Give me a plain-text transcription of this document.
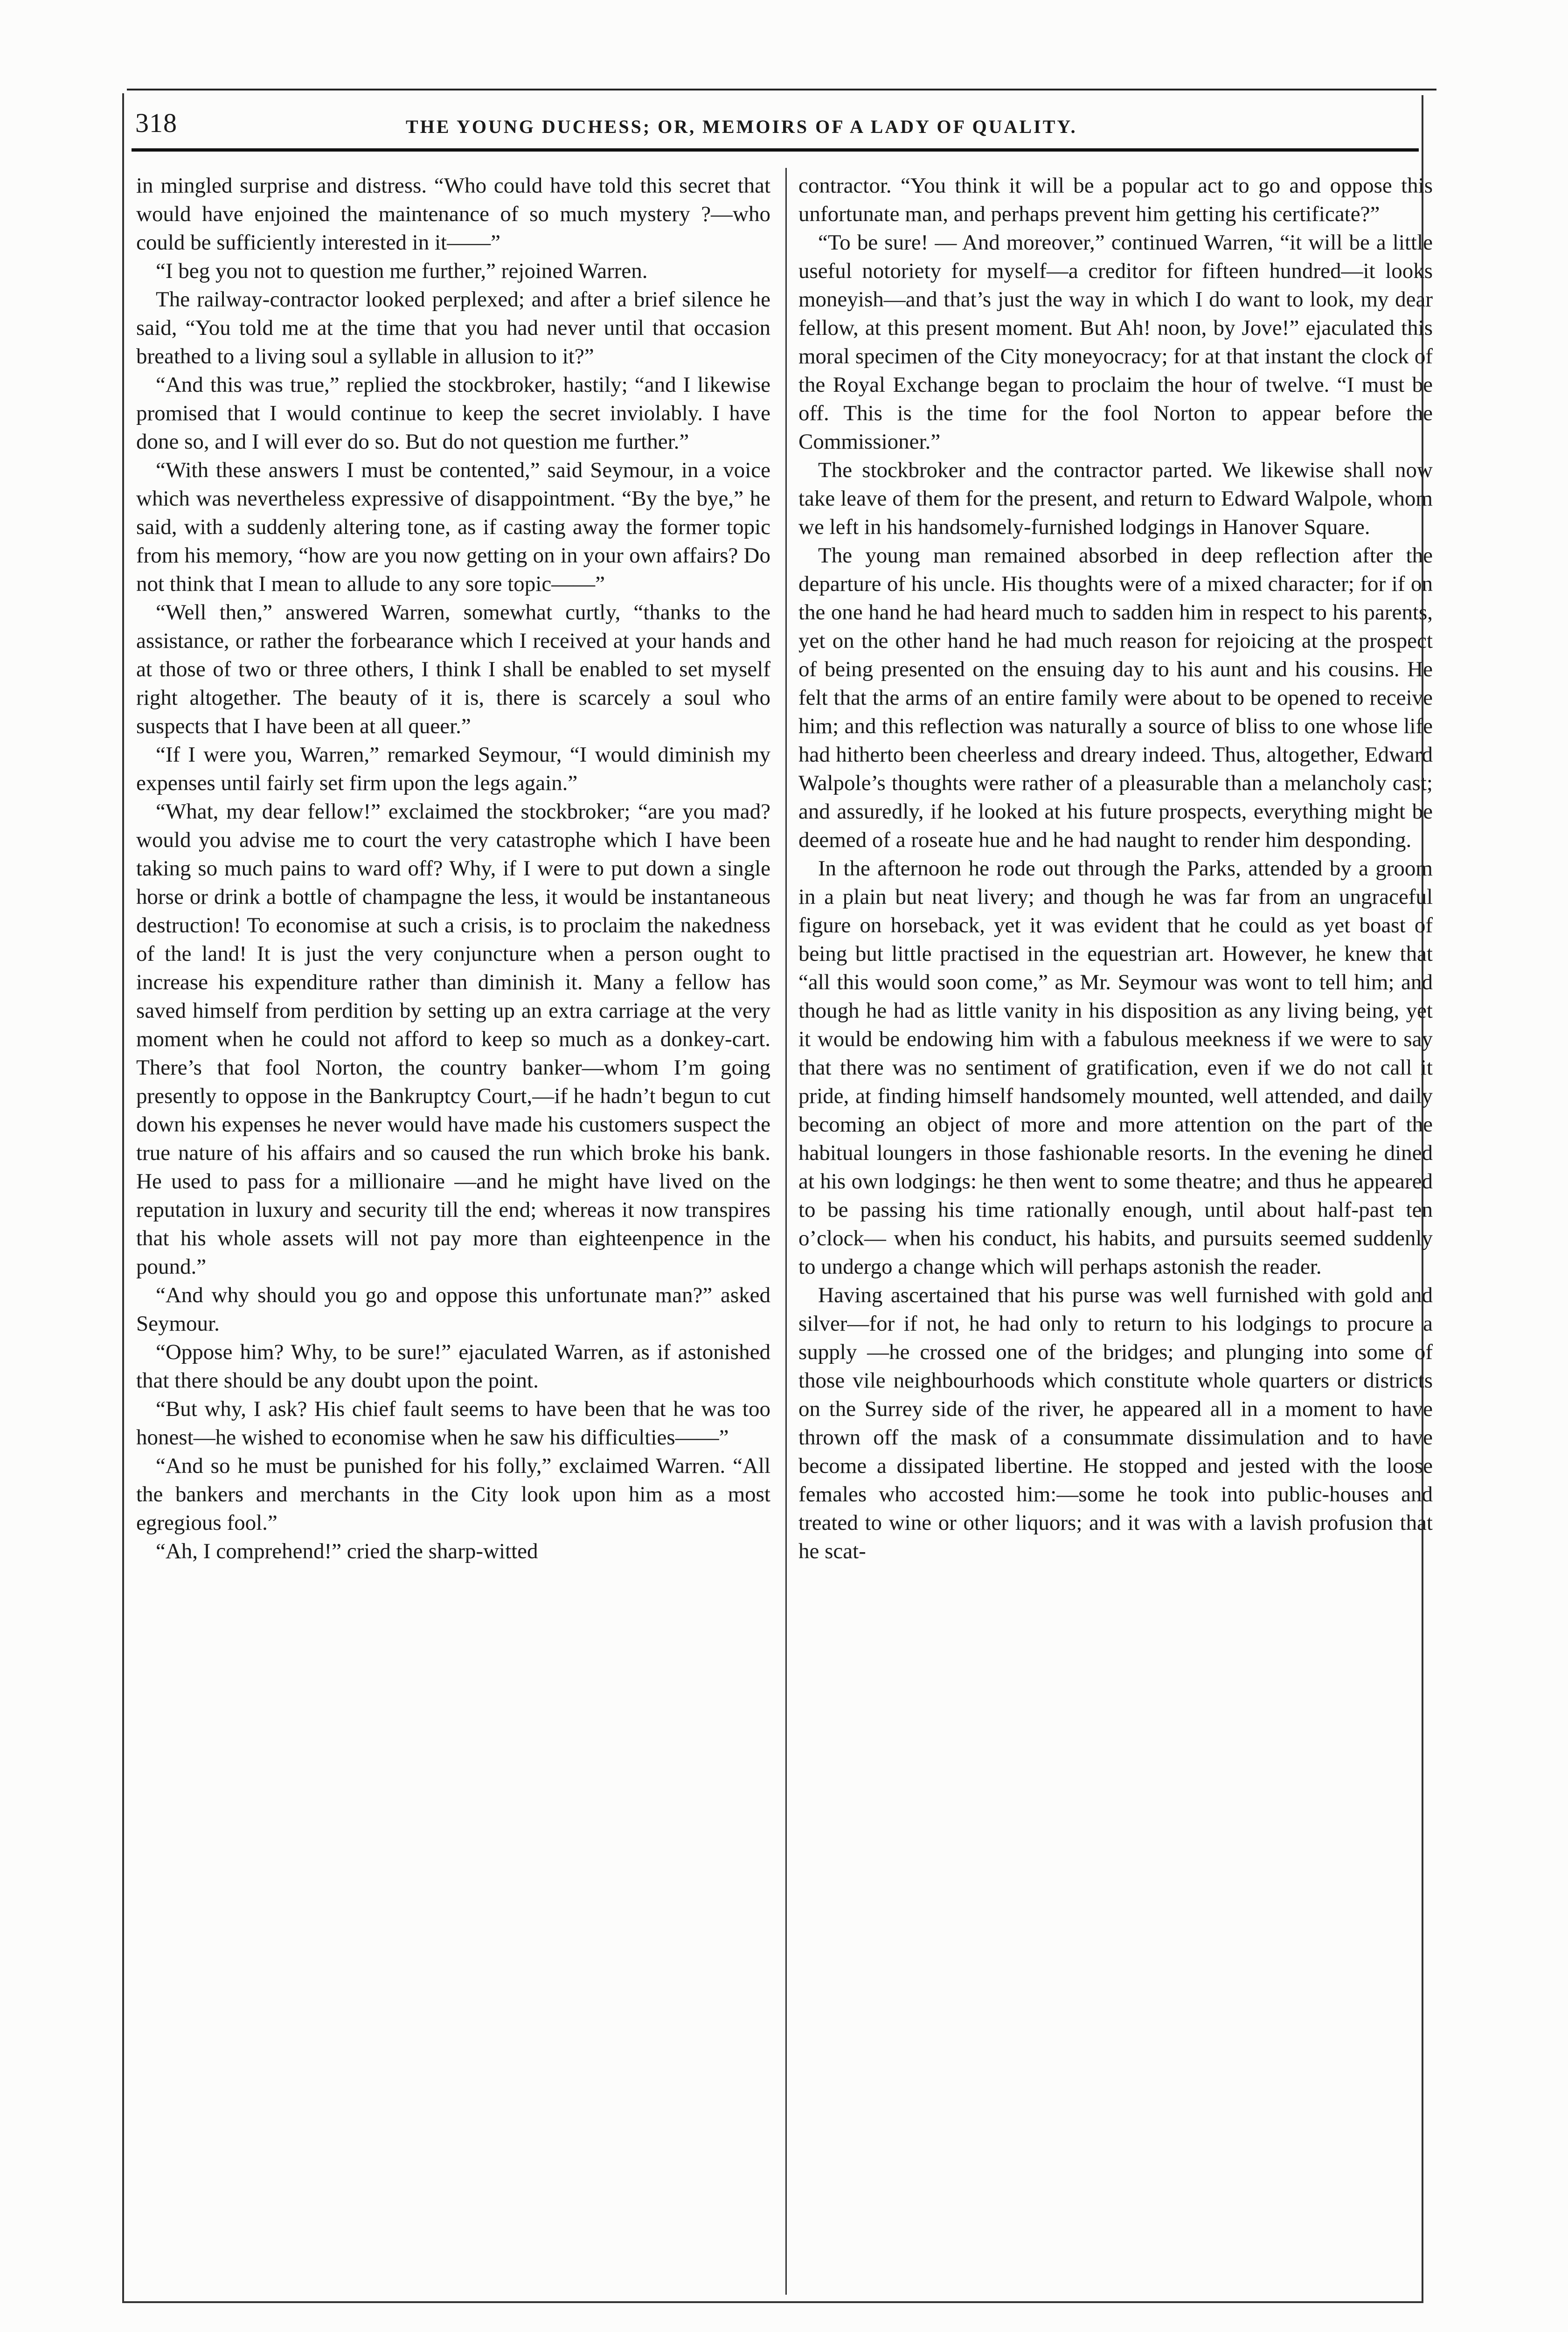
318	THE YOUNG DUCHESS; OR, MEMOIRS OF A LADY OF QUALITY.

in mingled surprise and distress. “Who could have told this secret that would have enjoined the maintenance of so much mystery ?—who could be sufficiently interested in it——”

“I beg you not to question me further,” rejoined Warren.

The railway-contractor looked perplexed; and after a brief silence he said, “You told me at the time that you had never until that occasion breathed to a living soul a syllable in allusion to it?”

“And this was true,” replied the stockbroker, hastily; “and I likewise promised that I would continue to keep the secret inviolably. I have done so, and I will ever do so. But do not question me further.”

“With these answers I must be contented,” said Seymour, in a voice which was nevertheless expressive of disappointment. “By the bye,” he said, with a suddenly altering tone, as if casting away the former topic from his memory, “how are you now getting on in your own affairs? Do not think that I mean to allude to any sore topic——”

“Well then,” answered Warren, somewhat curtly, “thanks to the assistance, or rather the forbearance which I received at your hands and at those of two or three others, I think I shall be enabled to set myself right altogether. The beauty of it is, there is scarcely a soul who suspects that I have been at all queer.”

“If I were you, Warren,” remarked Seymour, “I would diminish my expenses until fairly set firm upon the legs again.”

“What, my dear fellow!” exclaimed the stockbroker; “are you mad? would you advise me to court the very catastrophe which I have been taking so much pains to ward off? Why, if I were to put down a single horse or drink a bottle of champagne the less, it would be instantaneous destruction! To economise at such a crisis, is to proclaim the nakedness of the land! It is just the very conjuncture when a person ought to increase his expenditure rather than diminish it. Many a fellow has saved himself from perdition by setting up an extra carriage at the very moment when he could not afford to keep so much as a donkey-cart. There’s that fool Norton, the country banker—whom I’m going presently to oppose in the Bankruptcy Court,—if he hadn’t begun to cut down his expenses he never would have made his customers suspect the true nature of his affairs and so caused the run which broke his bank. He used to pass for a millionaire —and he might have lived on the reputation in luxury and security till the end; whereas it now transpires that his whole assets will not pay more than eighteenpence in the pound.”

“And why should you go and oppose this unfortunate man?” asked Seymour.

“Oppose him? Why, to be sure!” ejaculated Warren, as if astonished that there should be any doubt upon the point.

“But why, I ask? His chief fault seems to have been that he was too honest—he wished to economise when he saw his difficulties——”

“And so he must be punished for his folly,” exclaimed Warren. “All the bankers and merchants in the City look upon him as a most egregious fool.”

“Ah, I comprehend!” cried the sharp-witted

contractor. “You think it will be a popular act to go and oppose this unfortunate man, and perhaps prevent him getting his certificate?”

“To be sure! — And moreover,” continued Warren, “it will be a little useful notoriety for myself—a creditor for fifteen hundred—it looks moneyish—and that’s just the way in which I do want to look, my dear fellow, at this present moment. But Ah! noon, by Jove!” ejaculated this moral specimen of the City moneyocracy; for at that instant the clock of the Royal Exchange began to proclaim the hour of twelve. “I must be off. This is the time for the fool Norton to appear before the Commissioner.”

The stockbroker and the contractor parted. We likewise shall now take leave of them for the present, and return to Edward Walpole, whom we left in his handsomely-furnished lodgings in Hanover Square.

The young man remained absorbed in deep reflection after the departure of his uncle. His thoughts were of a mixed character; for if on the one hand he had heard much to sadden him in respect to his parents, yet on the other hand he had much reason for rejoicing at the prospect of being presented on the ensuing day to his aunt and his cousins. He felt that the arms of an entire family were about to be opened to receive him; and this reflection was naturally a source of bliss to one whose life had hitherto been cheerless and dreary indeed. Thus, altogether, Edward Walpole’s thoughts were rather of a pleasurable than a melancholy cast; and assuredly, if he looked at his future prospects, everything might be deemed of a roseate hue and he had naught to render him desponding.

In the afternoon he rode out through the Parks, attended by a groom in a plain but neat livery; and though he was far from an ungraceful figure on horseback, yet it was evident that he could as yet boast of being but little practised in the equestrian art. However, he knew that “all this would soon come,” as Mr. Seymour was wont to tell him; and though he had as little vanity in his disposition as any living being, yet it would be endowing him with a fabulous meekness if we were to say that there was no sentiment of gratification, even if we do not call it pride, at finding himself handsomely mounted, well attended, and daily becoming an object of more and more attention on the part of the habitual loungers in those fashionable resorts. In the evening he dined at his own lodgings: he then went to some theatre; and thus he appeared to be passing his time rationally enough, until about half-past ten o’clock— when his conduct, his habits, and pursuits seemed suddenly to undergo a change which will perhaps astonish the reader.

Having ascertained that his purse was well furnished with gold and silver—for if not, he had only to return to his lodgings to procure a supply —he crossed one of the bridges; and plunging into some of those vile neighbourhoods which constitute whole quarters or districts on the Surrey side of the river, he appeared all in a moment to have thrown off the mask of a consummate dissimulation and to have become a dissipated libertine. He stopped and jested with the loose females who accosted him:—some he took into public-houses and treated to wine or other liquors; and it was with a lavish profusion that he scat-
